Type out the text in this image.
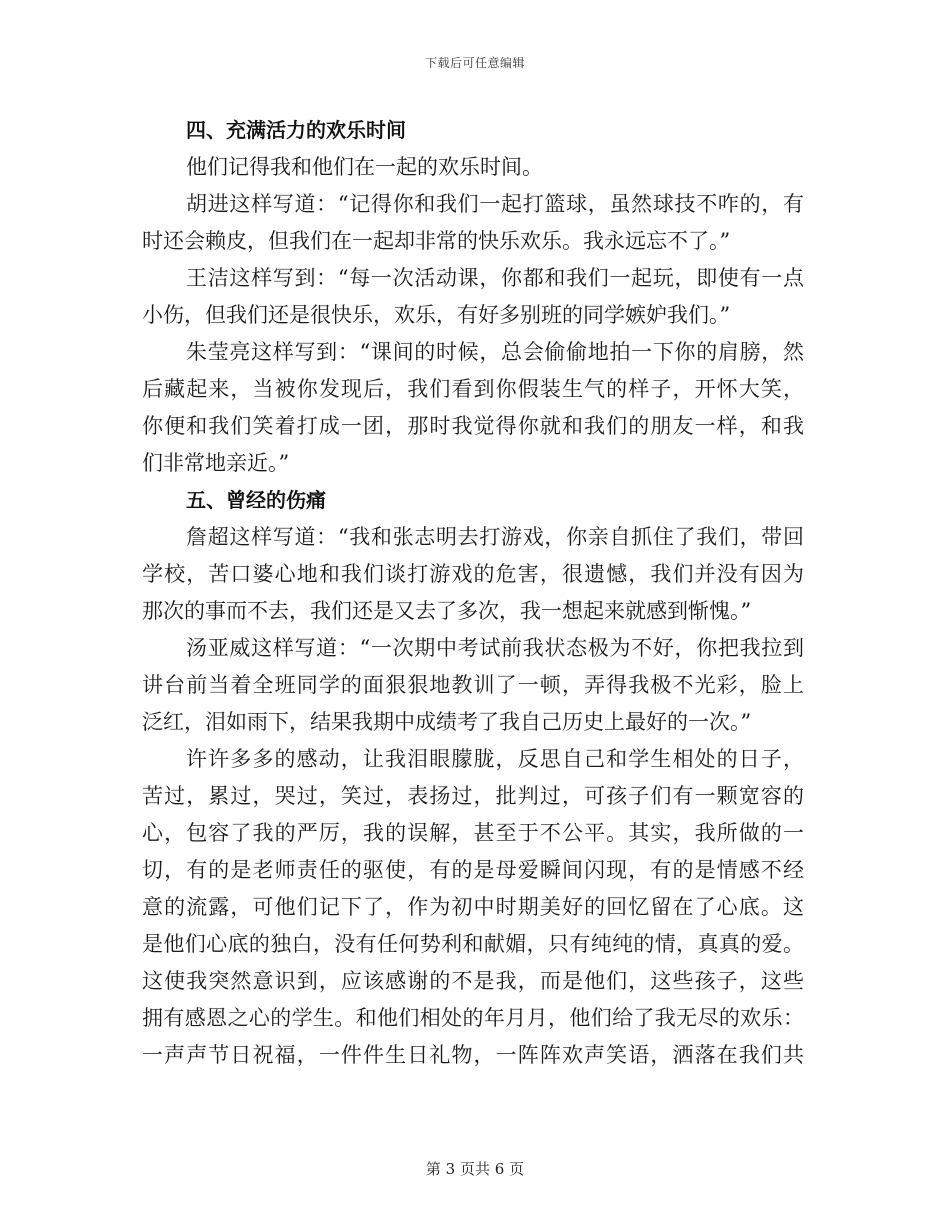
下载后可任意编辑
四、充满活力的欢乐时间
他们记得我和他们在一起的欢乐时间。
胡进这样写道：“记得你和我们一起打篮球，虽然球技不咋的，有
时还会赖皮，但我们在一起却非常的快乐欢乐。我永远忘不了。”
王洁这样写到：“每一次活动课，你都和我们一起玩，即使有一点
小伤，但我们还是很快乐，欢乐，有好多别班的同学嫉妒我们。”
朱莹亮这样写到：“课间的时候，总会偷偷地拍一下你的肩膀，然
后藏起来，当被你发现后，我们看到你假装生气的样子，开怀大笑，
你便和我们笑着打成一团，那时我觉得你就和我们的朋友一样，和我
们非常地亲近。”
五、曾经的伤痛
詹超这样写道：“我和张志明去打游戏，你亲自抓住了我们，带回
学校，苦口婆心地和我们谈打游戏的危害，很遗憾，我们并没有因为
那次的事而不去，我们还是又去了多次，我一想起来就感到惭愧。”
汤亚威这样写道：“一次期中考试前我状态极为不好，你把我拉到
讲台前当着全班同学的面狠狠地教训了一顿，弄得我极不光彩，脸上
泛红，泪如雨下，结果我期中成绩考了我自己历史上最好的一次。”
许许多多的感动，让我泪眼朦胧，反思自己和学生相处的日子，
苦过，累过，哭过，笑过，表扬过，批判过，可孩子们有一颗宽容的
心，包容了我的严厉，我的误解，甚至于不公平。其实，我所做的一
切，有的是老师责任的驱使，有的是母爱瞬间闪现，有的是情感不经
意的流露，可他们记下了，作为初中时期美好的回忆留在了心底。这
是他们心底的独白，没有任何势利和献媚，只有纯纯的情，真真的爱。
这使我突然意识到，应该感谢的不是我，而是他们，这些孩子，这些
拥有感恩之心的学生。和他们相处的年月月，他们给了我无尽的欢乐：
一声声节日祝福，一件件生日礼物，一阵阵欢声笑语，洒落在我们共
第 3 页共 6 页
